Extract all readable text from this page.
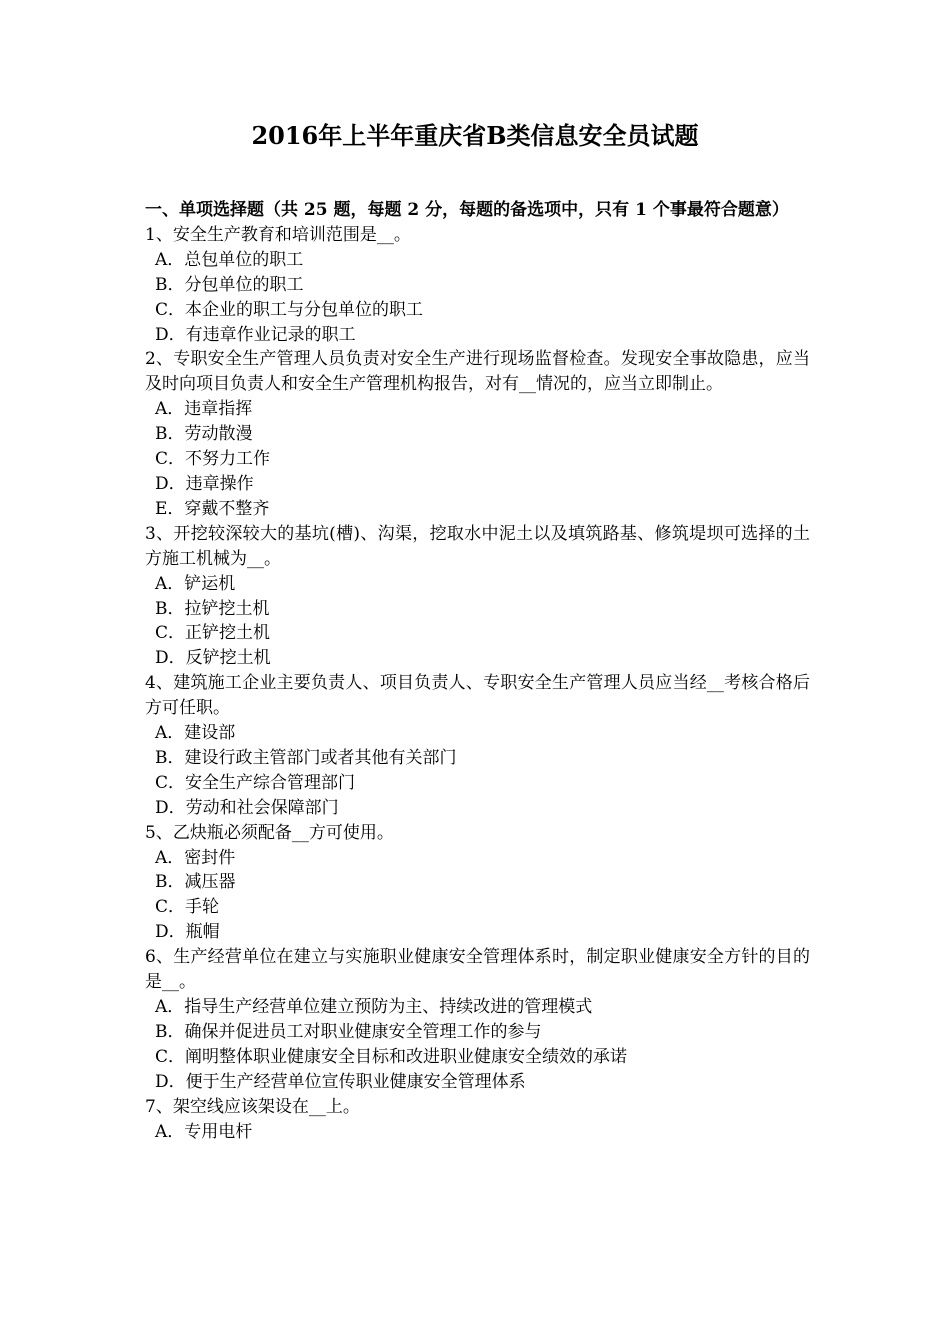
2016年上半年重庆省B类信息安全员试题
一、单项选择题（共 25 题，每题 2 分，每题的备选项中，只有 1 个事最符合题意）
1、安全生产教育和培训范围是__。
A．总包单位的职工
B．分包单位的职工
C．本企业的职工与分包单位的职工
D．有违章作业记录的职工
2、专职安全生产管理人员负责对安全生产进行现场监督检查。发现安全事故隐患，应当及时向项目负责人和安全生产管理机构报告，对有__情况的，应当立即制止。
A．违章指挥
B．劳动散漫
C．不努力工作
D．违章操作
E．穿戴不整齐
3、开挖较深较大的基坑(槽)、沟渠，挖取水中泥土以及填筑路基、修筑堤坝可选择的土方施工机械为__。
A．铲运机
B．拉铲挖土机
C．正铲挖土机
D．反铲挖土机
4、建筑施工企业主要负责人、项目负责人、专职安全生产管理人员应当经__考核合格后方可任职。
A．建设部
B．建设行政主管部门或者其他有关部门
C．安全生产综合管理部门
D．劳动和社会保障部门
5、乙炔瓶必须配备__方可使用。
A．密封件
B．减压器
C．手轮
D．瓶帽
6、生产经营单位在建立与实施职业健康安全管理体系时，制定职业健康安全方针的目的是__。
A．指导生产经营单位建立预防为主、持续改进的管理模式
B．确保并促进员工对职业健康安全管理工作的参与
C．阐明整体职业健康安全目标和改进职业健康安全绩效的承诺
D．便于生产经营单位宣传职业健康安全管理体系
7、架空线应该架设在__上。
A．专用电杆
